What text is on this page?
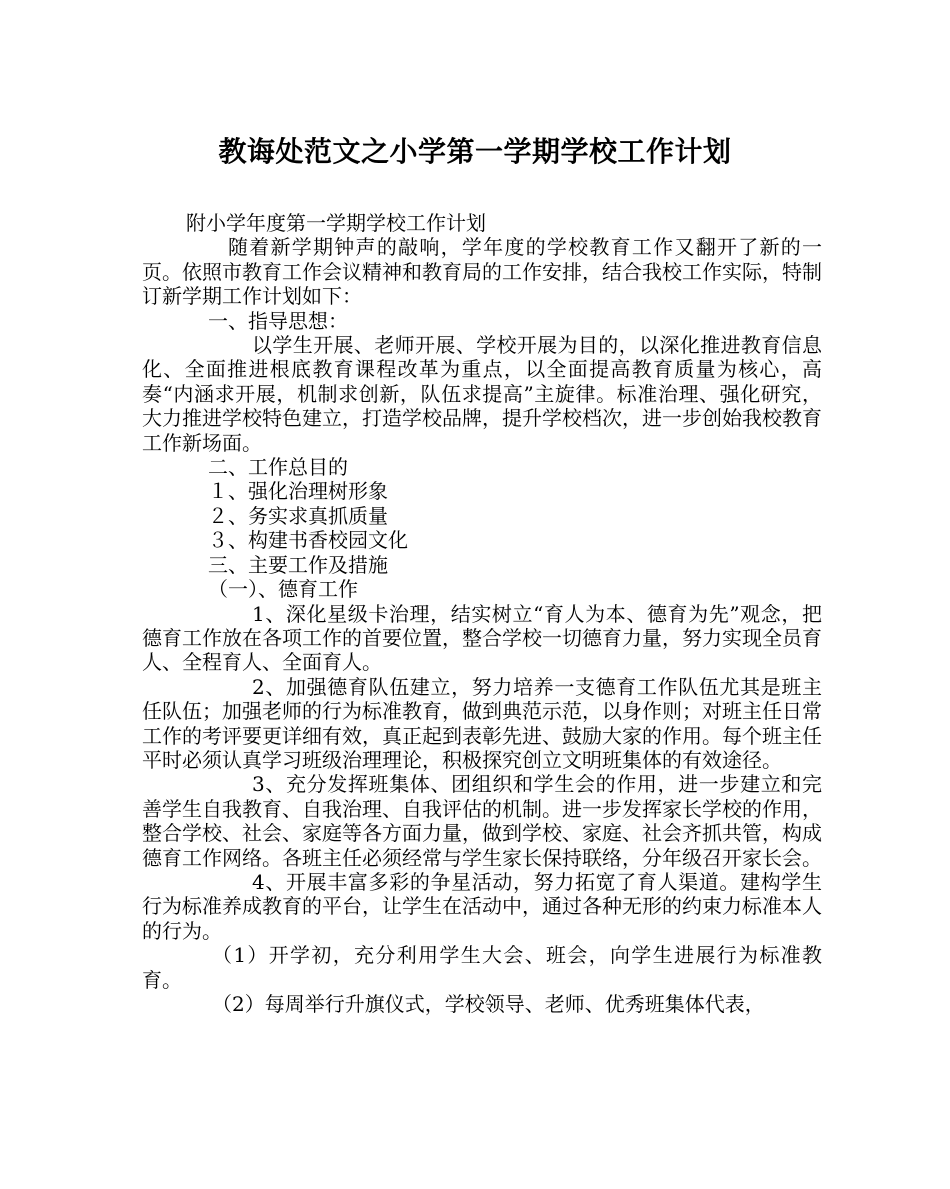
教诲处范文之小学第一学期学校工作计划

附小学年度第一学期学校工作计划

随着新学期钟声的敲响，学年度的学校教育工作又翻开了新的一页。依照市教育工作会议精神和教育局的工作安排，结合我校工作实际，特制订新学期工作计划如下：

一、指导思想：

以学生开展、老师开展、学校开展为目的，以深化推进教育信息化、全面推进根底教育课程改革为重点，以全面提高教育质量为核心，高奏“内涵求开展，机制求创新，队伍求提高”主旋律。标准治理、强化研究，大力推进学校特色建立，打造学校品牌，提升学校档次，进一步创始我校教育工作新场面。

二、工作总目的

１、强化治理树形象

２、务实求真抓质量

３、构建书香校园文化

三、主要工作及措施

（一）、德育工作

1、深化星级卡治理，结实树立“育人为本、德育为先”观念，把德育工作放在各项工作的首要位置，整合学校一切德育力量，努力实现全员育人、全程育人、全面育人。

2、加强德育队伍建立，努力培养一支德育工作队伍尤其是班主任队伍；加强老师的行为标准教育，做到典范示范，以身作则；对班主任日常工作的考评要更详细有效，真正起到表彰先进、鼓励大家的作用。每个班主任平时必须认真学习班级治理理论，积极探究创立文明班集体的有效途径。

3、充分发挥班集体、团组织和学生会的作用，进一步建立和完善学生自我教育、自我治理、自我评估的机制。进一步发挥家长学校的作用，整合学校、社会、家庭等各方面力量，做到学校、家庭、社会齐抓共管，构成德育工作网络。各班主任必须经常与学生家长保持联络，分年级召开家长会。

4、开展丰富多彩的争星活动，努力拓宽了育人渠道。建构学生行为标准养成教育的平台，让学生在活动中，通过各种无形的约束力标准本人的行为。

（1）开学初，充分利用学生大会、班会，向学生进展行为标准教育。

（2）每周举行升旗仪式，学校领导、老师、优秀班集体代表，
